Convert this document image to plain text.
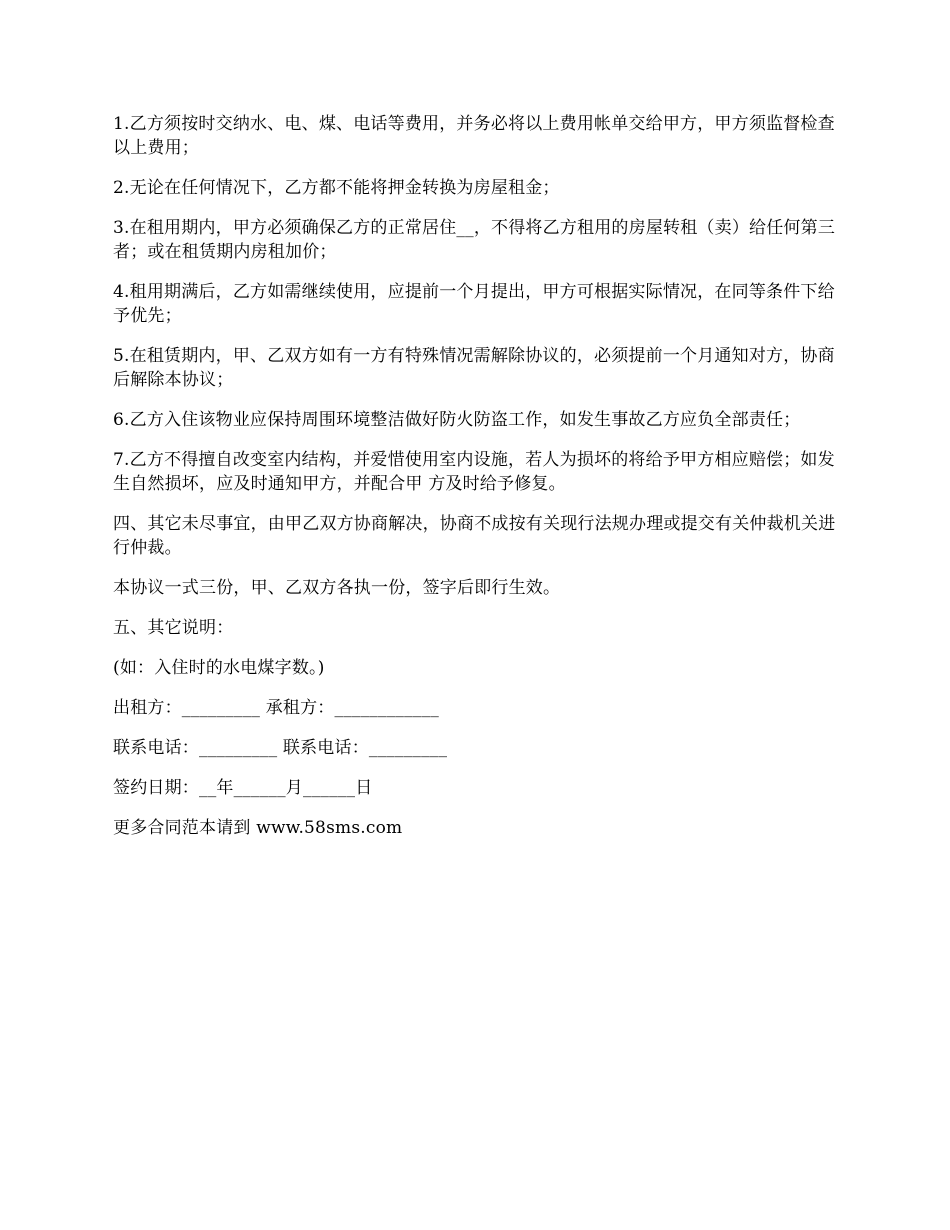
1.乙方须按时交纳水、电、煤、电话等费用，并务必将以上费用帐单交给甲方，甲方须监督检查以上费用；

2.无论在任何情况下，乙方都不能将押金转换为房屋租金；

3.在租用期内，甲方必须确保乙方的正常居住__，不得将乙方租用的房屋转租（卖）给任何第三者；或在租赁期内房租加价；

4.租用期满后，乙方如需继续使用，应提前一个月提出，甲方可根据实际情况，在同等条件下给予优先；

5.在租赁期内，甲、乙双方如有一方有特殊情况需解除协议的，必须提前一个月通知对方，协商后解除本协议；

6.乙方入住该物业应保持周围环境整洁做好防火防盗工作，如发生事故乙方应负全部责任；

7.乙方不得擅自改变室内结构，并爱惜使用室内设施，若人为损坏的将给予甲方相应赔偿；如发生自然损坏，应及时通知甲方，并配合甲 方及时给予修复。

四、其它未尽事宜，由甲乙双方协商解决，协商不成按有关现行法规办理或提交有关仲裁机关进行仲裁。

本协议一式三份，甲、乙双方各执一份，签字后即行生效。

五、其它说明：

(如：入住时的水电煤字数。)

出租方：_________ 承租方：____________

联系电话：_________ 联系电话：_________

签约日期：__年______月______日

更多合同范本请到 www.58sms.com
